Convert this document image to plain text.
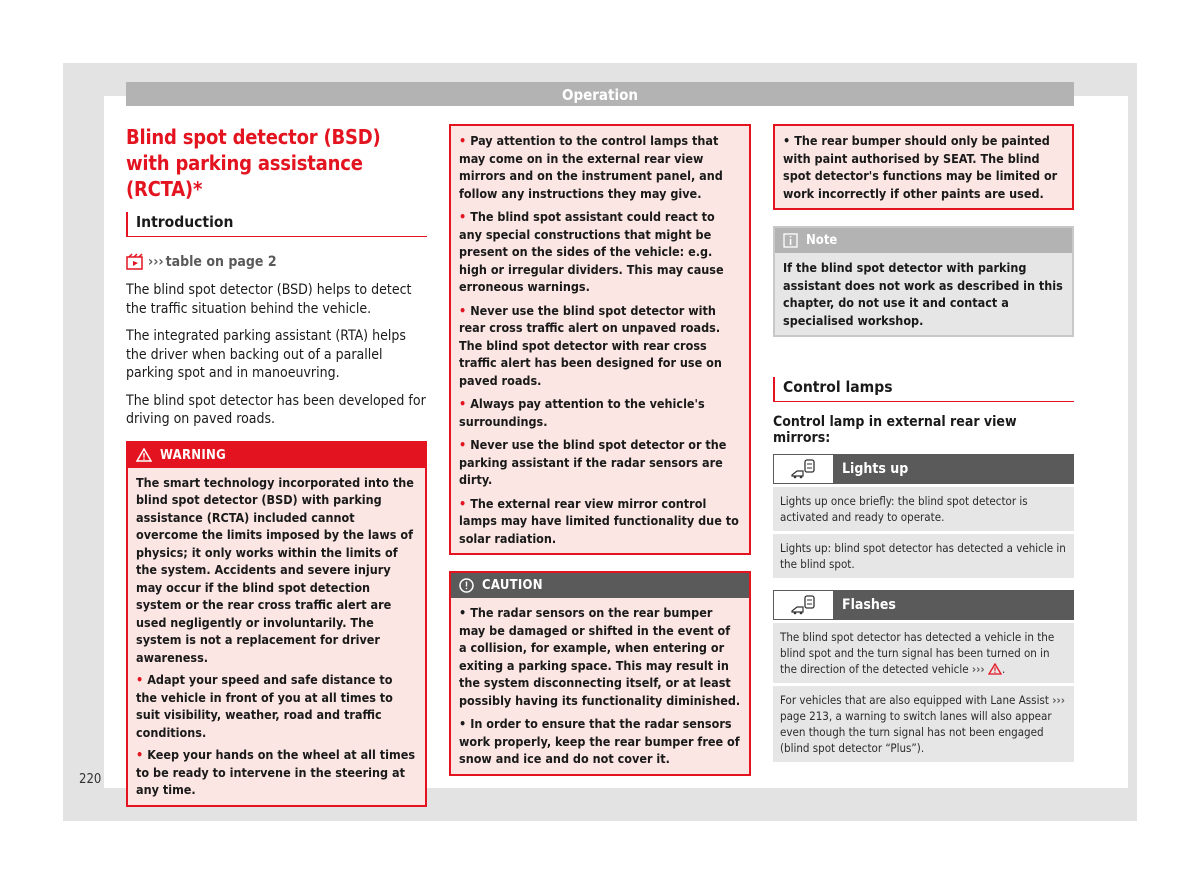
Operation
Blind spot detector (BSD) with parking assistance (RCTA)*
Introduction
››› table on page 2

The blind spot detector (BSD) helps to detect the traffic situation behind the vehicle.

The integrated parking assistant (RTA) helps the driver when backing out of a parallel parking spot and in manoeuvring.

The blind spot detector has been developed for driving on paved roads.

WARNING

The smart technology incorporated into the blind spot detector (BSD) with parking assistance (RCTA) included cannot overcome the limits imposed by the laws of physics; it only works within the limits of the system. Accidents and severe injury may occur if the blind spot detection system or the rear cross traffic alert are used negligently or involuntarily. The system is not a replacement for driver awareness.

• Adapt your speed and safe distance to the vehicle in front of you at all times to suit visibility, weather, road and traffic conditions.

• Keep your hands on the wheel at all times to be ready to intervene in the steering at any time.

• Pay attention to the control lamps that may come on in the external rear view mirrors and on the instrument panel, and follow any instructions they may give.

• The blind spot assistant could react to any special constructions that might be present on the sides of the vehicle: e.g. high or irregular dividers. This may cause erroneous warnings.

• Never use the blind spot detector with rear cross traffic alert on unpaved roads. The blind spot detector with rear cross traffic alert has been designed for use on paved roads.

• Always pay attention to the vehicle's surroundings.

• Never use the blind spot detector or the parking assistant if the radar sensors are dirty.

• The external rear view mirror control lamps may have limited functionality due to solar radiation.

CAUTION

• The radar sensors on the rear bumper may be damaged or shifted in the event of a collision, for example, when entering or exiting a parking space. This may result in the system disconnecting itself, or at least possibly having its functionality diminished.

• In order to ensure that the radar sensors work properly, keep the rear bumper free of snow and ice and do not cover it.

• The rear bumper should only be painted with paint authorised by SEAT. The blind spot detector's functions may be limited or work incorrectly if other paints are used.

Note
If the blind spot detector with parking assistant does not work as described in this chapter, do not use it and contact a specialised workshop.
Control lamps
Control lamp in external rear view mirrors:
Lights up
Lights up once briefly: the blind spot detector is activated and ready to operate.
Lights up: blind spot detector has detected a vehicle in the blind spot.
Flashes
The blind spot detector has detected a vehicle in the blind spot and the turn signal has been turned on in the direction of the detected vehicle ››› .
For vehicles that are also equipped with Lane Assist ››› page 213, a warning to switch lanes will also appear even though the turn signal has not been engaged (blind spot detector “Plus”).
220
